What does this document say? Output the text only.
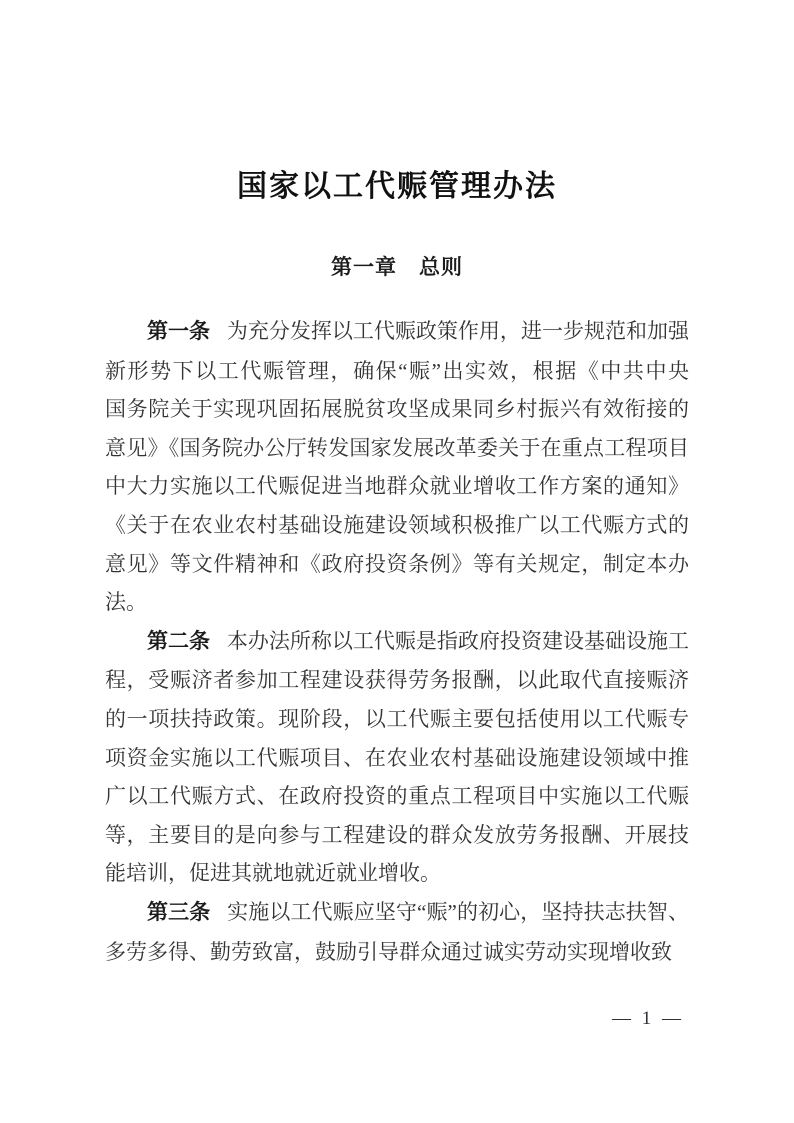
国家以工代赈管理办法
第一章　总则

第一条 为充分发挥以工代赈政策作用，进一步规范和加强新形势下以工代赈管理，确保“赈”出实效，根据《中共中央　国务院关于实现巩固拓展脱贫攻坚成果同乡村振兴有效衔接的意见》《国务院办公厅转发国家发展改革委关于在重点工程项目中大力实施以工代赈促进当地群众就业增收工作方案的通知》《关于在农业农村基础设施建设领域积极推广以工代赈方式的意见》等文件精神和《政府投资条例》等有关规定，制定本办法。

第二条 本办法所称以工代赈是指政府投资建设基础设施工程，受赈济者参加工程建设获得劳务报酬，以此取代直接赈济的一项扶持政策。现阶段，以工代赈主要包括使用以工代赈专项资金实施以工代赈项目、在农业农村基础设施建设领域中推广以工代赈方式、在政府投资的重点工程项目中实施以工代赈等，主要目的是向参与工程建设的群众发放劳务报酬、开展技能培训，促进其就地就近就业增收。

第三条 实施以工代赈应坚守“赈”的初心，坚持扶志扶智、多劳多得、勤劳致富，鼓励引导群众通过诚实劳动实现增收致

— 1 —
